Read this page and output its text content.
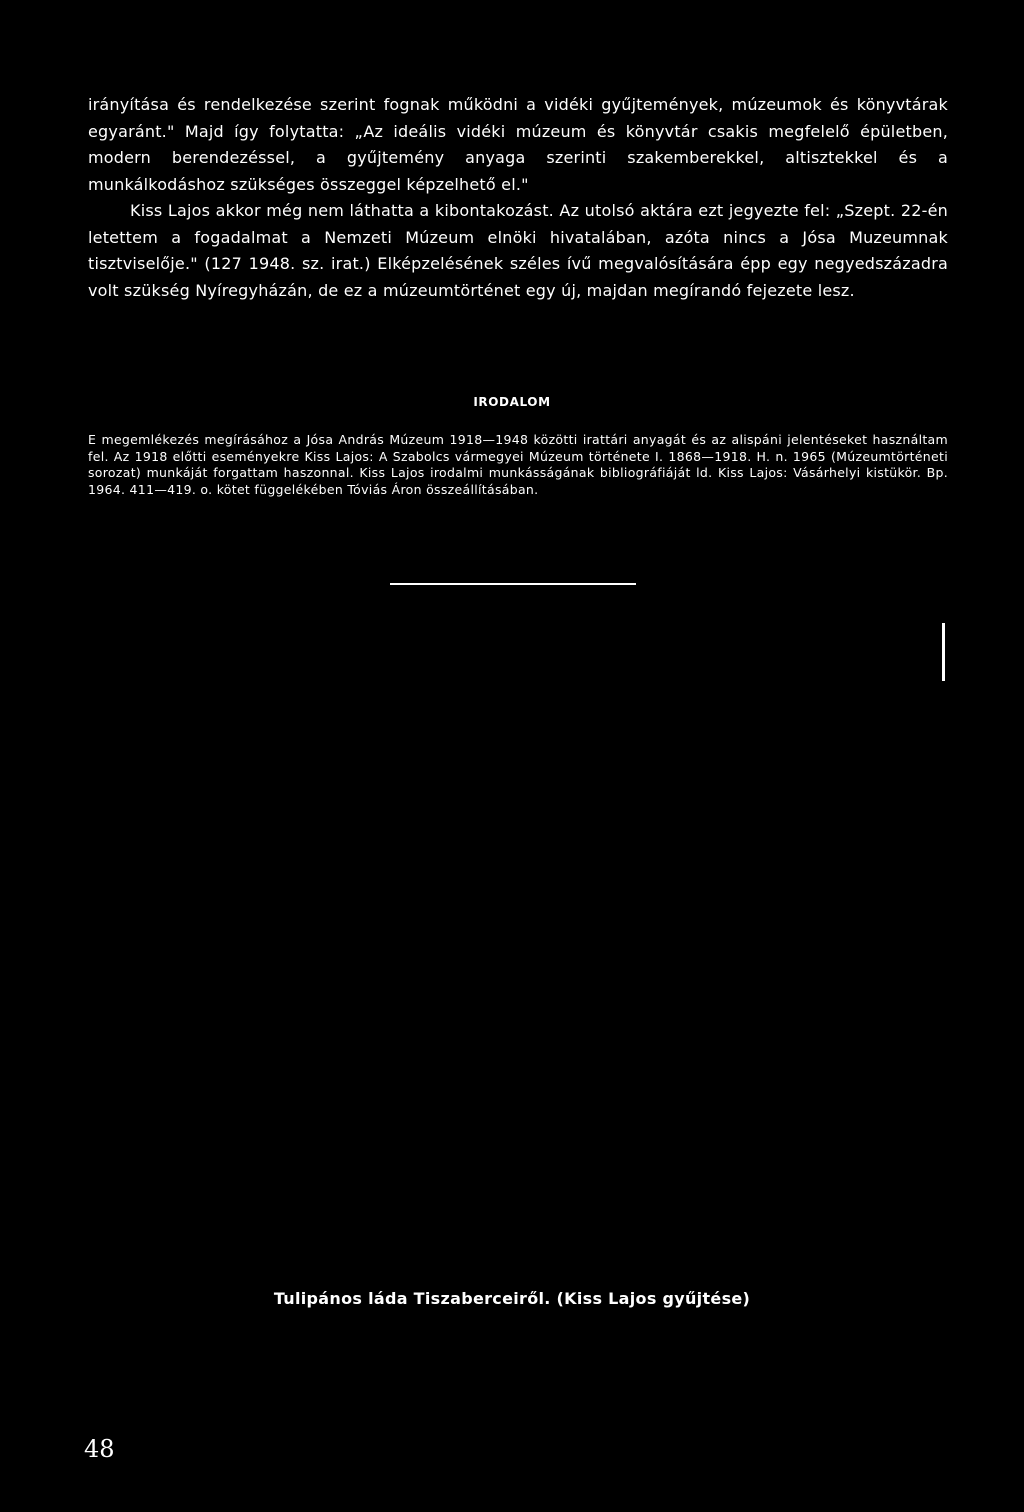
irányítása és rendelkezése szerint fognak működni a vidéki gyűjtemények, múzeumok és könyvtárak egyaránt." Majd így folytatta: „Az ideális vidéki múzeum és könyvtár csakis megfelelő épületben, modern berendezéssel, a gyűjtemény anyaga szerinti szakemberekkel, altisztekkel és a munkálkodáshoz szükséges összeggel képzelhető el."

Kiss Lajos akkor még nem láthatta a kibontakozást. Az utolsó aktára ezt jegyezte fel: „Szept. 22-én letettem a fogadalmat a Nemzeti Múzeum elnöki hivatalában, azóta nincs a Jósa Muzeumnak tisztviselője." (127 1948. sz. irat.) Elképzelésének széles ívű megvalósítására épp egy negyedszázadra volt szükség Nyíregyházán, de ez a múzeumtörténet egy új, majdan megírandó fejezete lesz.

IRODALOM

E megemlékezés megírásához a Jósa András Múzeum 1918—1948 közötti irattári anyagát és az alispáni jelentéseket használtam fel. Az 1918 előtti eseményekre Kiss Lajos: A Szabolcs vármegyei Múzeum története I. 1868—1918. H. n. 1965 (Múzeumtörténeti sorozat) munkáját forgattam haszonnal. Kiss Lajos irodalmi munkásságának bibliográfiáját ld. Kiss Lajos: Vásárhelyi kistükör. Bp. 1964. 411—419. o. kötet függelékében Tóviás Áron összeállításában.

Tulipános láda Tiszaberceiről. (Kiss Lajos gyűjtése)
48
